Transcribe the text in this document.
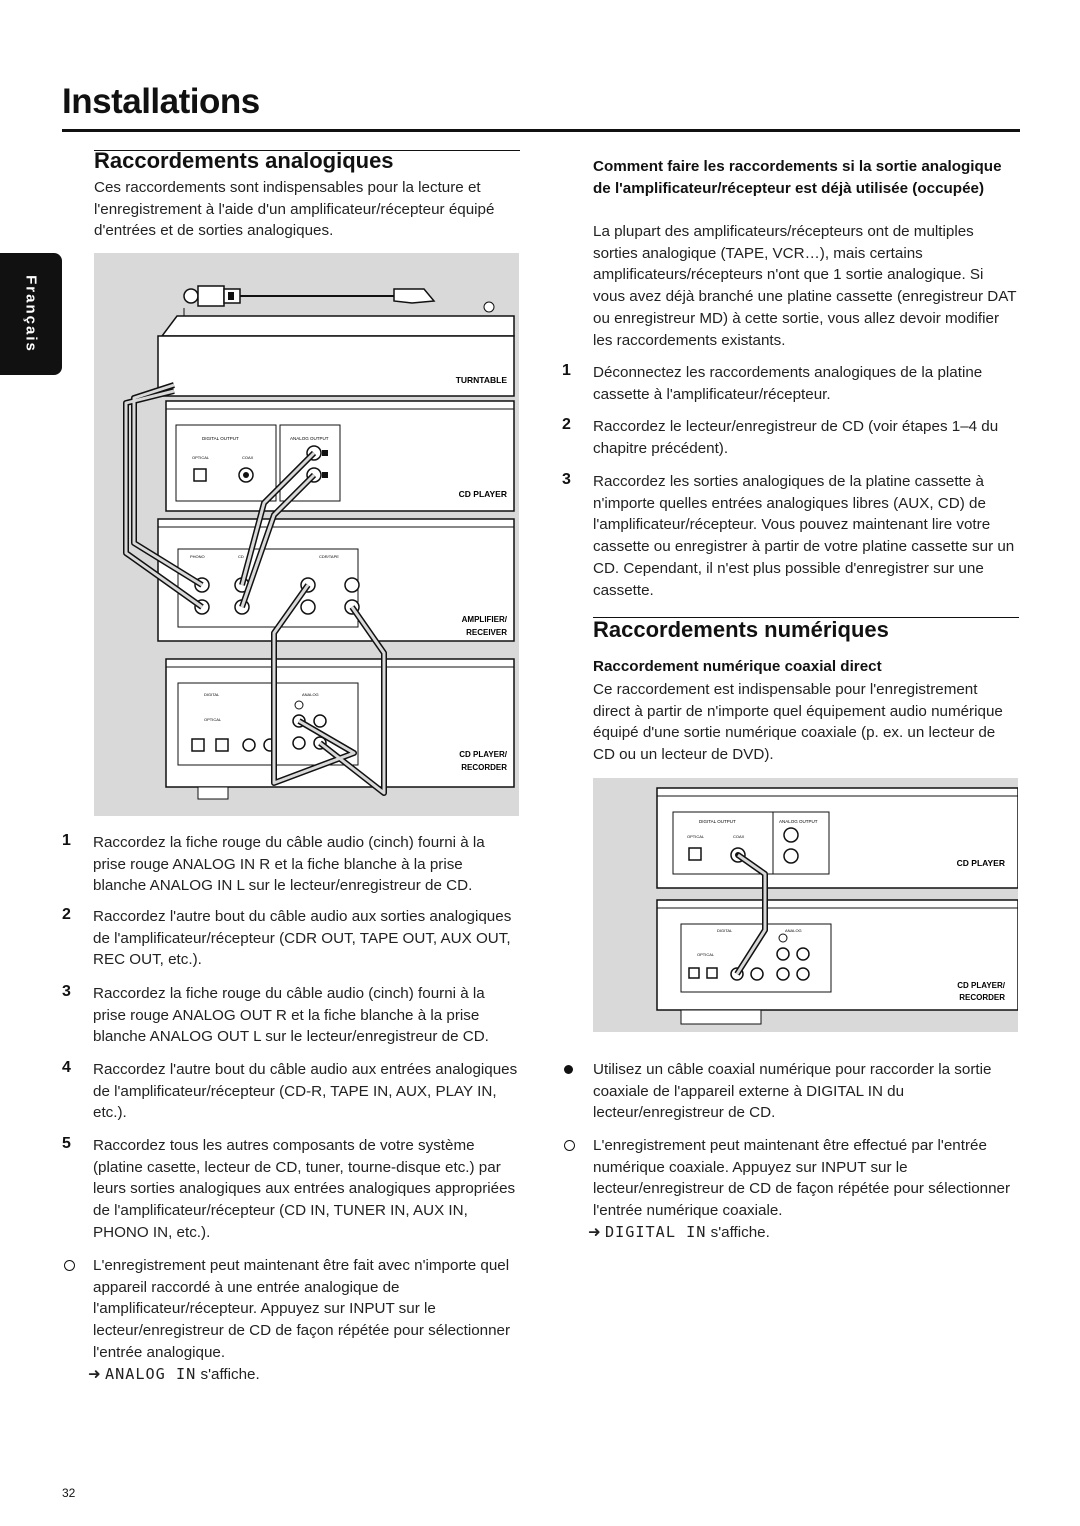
Installations
Français
Raccordements analogiques
Ces raccordements sont indispensables pour la lecture et l'enregistrement à l'aide d'un amplificateur/récepteur équipé d'entrées et de sorties analogiques.
TURNTABLE
DIGITAL OUTPUT	ANALOG OUTPUT
OPTICAL	COAX
CD PLAYER
PHONO	CD	CDR/TAPE
AMPLIFIER/
RECEIVER
DIGITAL	ANALOG
OPTICAL
CD PLAYER/
RECORDER
1 Raccordez la fiche rouge du câble audio (cinch) fourni à la prise rouge ANALOG IN R et la fiche blanche à la prise blanche ANALOG IN L sur le lecteur/enregistreur de CD.
2 Raccordez l'autre bout du câble audio aux sorties analogiques de l'amplificateur/récepteur (CDR OUT, TAPE OUT, AUX OUT, REC OUT, etc.).
3 Raccordez la fiche rouge du câble audio (cinch) fourni à la prise rouge ANALOG OUT R et la fiche blanche à la prise blanche ANALOG OUT L sur le lecteur/enregistreur de CD.
4 Raccordez l'autre bout du câble audio aux entrées analogiques de l'amplificateur/récepteur (CD-R, TAPE IN, AUX, PLAY IN, etc.).
5 Raccordez tous les autres composants de votre système (platine casette, lecteur de CD, tuner, tourne-disque etc.) par leurs sorties analogiques aux entrées analogiques appropriées de l'amplificateur/récepteur (CD IN, TUNER IN, AUX IN, PHONO IN, etc.).
L'enregistrement peut maintenant être fait avec n'importe quel appareil raccordé à une entrée analogique de l'amplificateur/récepteur. Appuyez sur INPUT sur le lecteur/enregistreur de CD de façon répétée pour sélectionner l'entrée analogique.
➜ ANALOG IN s'affiche.
Comment faire les raccordements si la sortie analogique de l'amplificateur/récepteur est déjà utilisée (occupée)
La plupart des amplificateurs/récepteurs ont de multiples sorties analogique (TAPE, VCR…), mais certains amplificateurs/récepteurs n'ont que 1 sortie analogique. Si vous avez déjà branché une platine cassette (enregistreur DAT ou enregistreur MD) à cette sortie, vous allez devoir modifier les raccordements existants.
1 Déconnectez les raccordements analogiques de la platine cassette à l'amplificateur/récepteur.
2 Raccordez le lecteur/enregistreur de CD (voir étapes 1–4 du chapitre précédent).
3 Raccordez les sorties analogiques de la platine cassette à n'importe quelles entrées analogiques libres (AUX, CD) de l'amplificateur/récepteur. Vous pouvez maintenant lire votre cassette ou enregistrer à partir de votre platine cassette sur un CD. Cependant, il n'est plus possible d'enregistrer sur une cassette.
Raccordements numériques
Raccordement numérique coaxial direct
Ce raccordement est indispensable pour l'enregistrement direct à partir de n'importe quel équipement audio numérique équipé d'une sortie numérique coaxiale (p. ex. un lecteur de CD ou un lecteur de DVD).
DIGITAL OUTPUT	ANALOG OUTPUT
OPTICAL	COAX
CD PLAYER
DIGITAL	ANALOG
OPTICAL
CD PLAYER/
RECORDER
Utilisez un câble coaxial numérique pour raccorder la sortie coaxiale de l'appareil externe à DIGITAL IN du lecteur/enregistreur de CD.
L'enregistrement peut maintenant être effectué par l'entrée numérique coaxiale. Appuyez sur INPUT sur le lecteur/enregistreur de CD de façon répétée pour sélectionner l'entrée numérique coaxiale.
➜ DIGITAL IN s'affiche.
32
